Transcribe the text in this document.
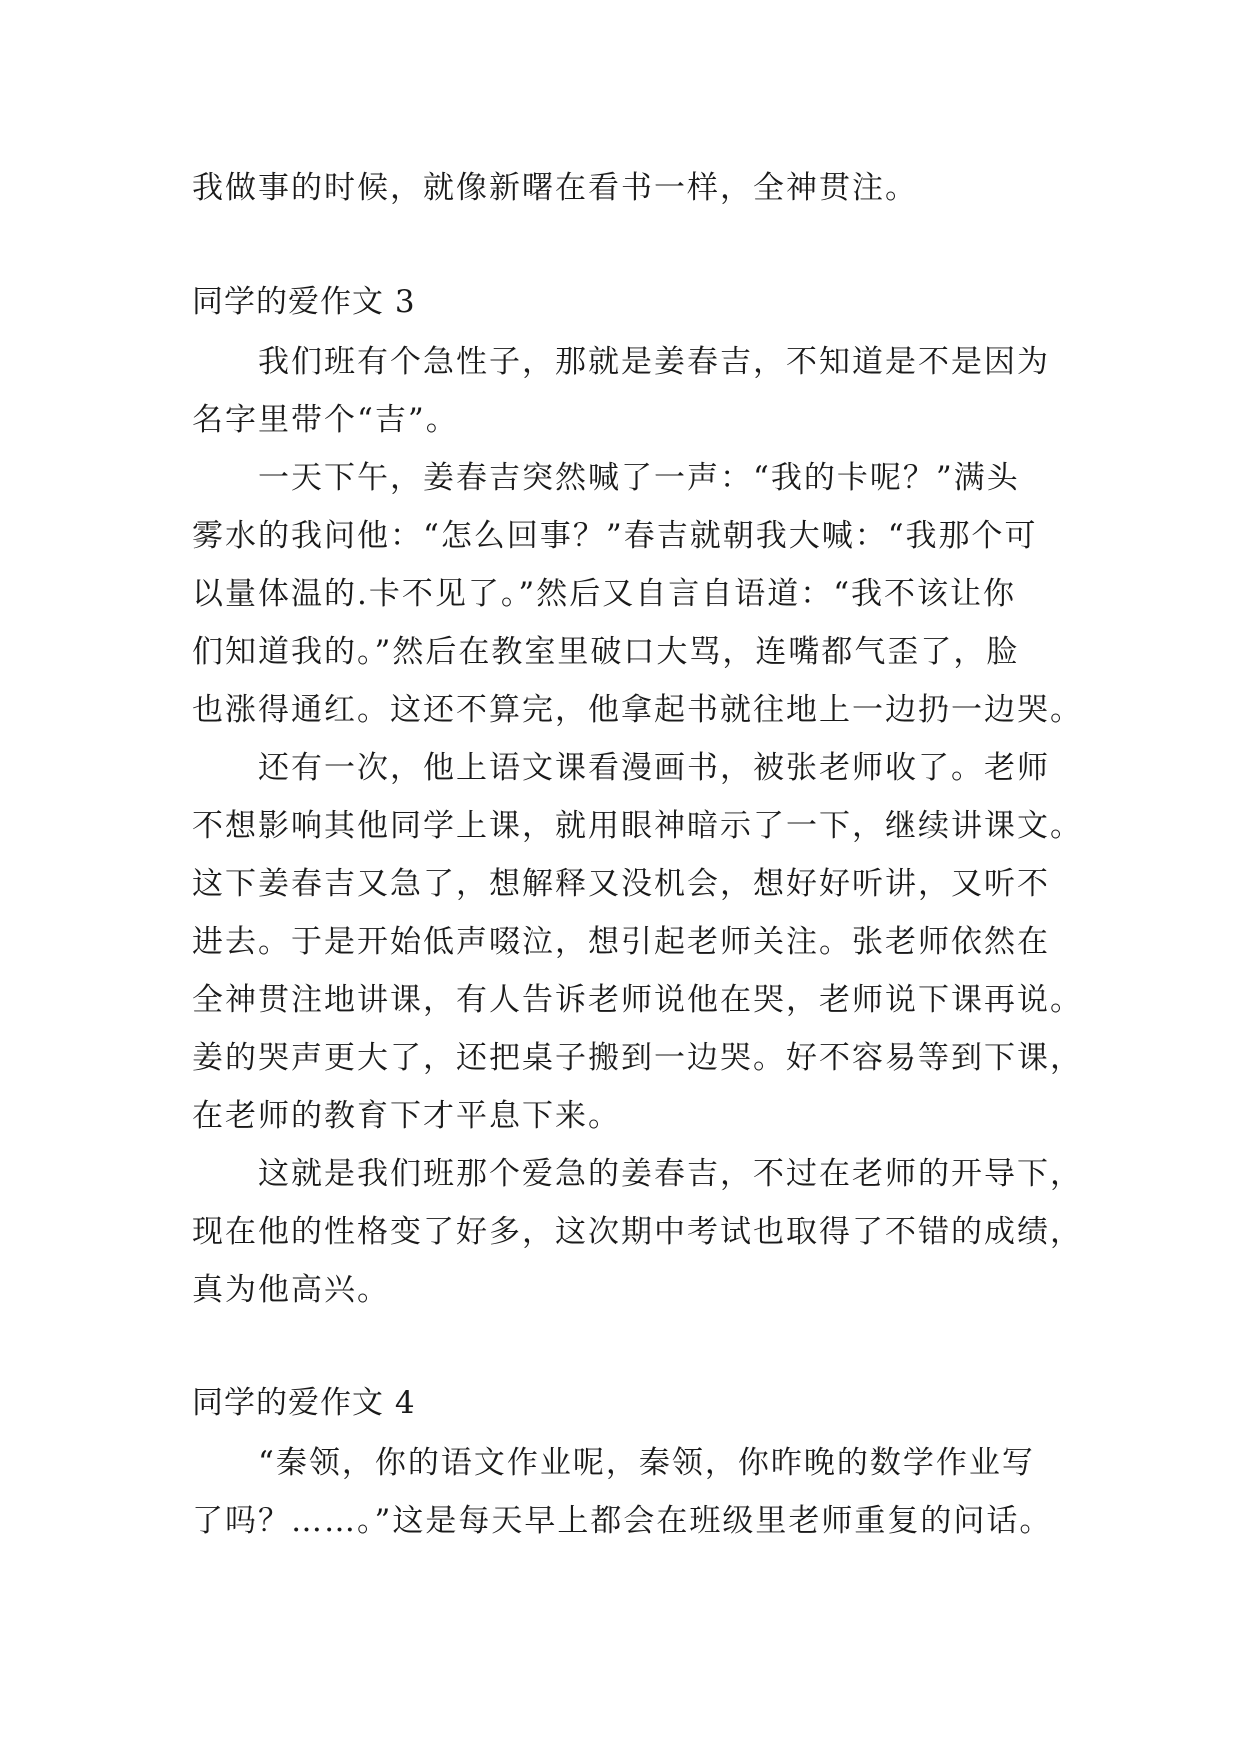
我做事的时候，就像新曙在看书一样，全神贯注。
同学的爱作文 3
我们班有个急性子，那就是姜春吉，不知道是不是因为
名字里带个“吉”。
一天下午，姜春吉突然喊了一声：“我的卡呢？”满头
雾水的我问他：“怎么回事？”春吉就朝我大喊：“我那个可
以量体温的.卡不见了。”然后又自言自语道：“我不该让你
们知道我的。”然后在教室里破口大骂，连嘴都气歪了，脸
也涨得通红。这还不算完，他拿起书就往地上一边扔一边哭。
还有一次，他上语文课看漫画书，被张老师收了。老师
不想影响其他同学上课，就用眼神暗示了一下，继续讲课文。
这下姜春吉又急了，想解释又没机会，想好好听讲，又听不
进去。于是开始低声啜泣，想引起老师关注。张老师依然在
全神贯注地讲课，有人告诉老师说他在哭，老师说下课再说。
姜的哭声更大了，还把桌子搬到一边哭。好不容易等到下课，
在老师的教育下才平息下来。
这就是我们班那个爱急的姜春吉，不过在老师的开导下，
现在他的性格变了好多，这次期中考试也取得了不错的成绩，
真为他高兴。
同学的爱作文 4
“秦领，你的语文作业呢，秦领，你昨晚的数学作业写
了吗？……。”这是每天早上都会在班级里老师重复的问话。
